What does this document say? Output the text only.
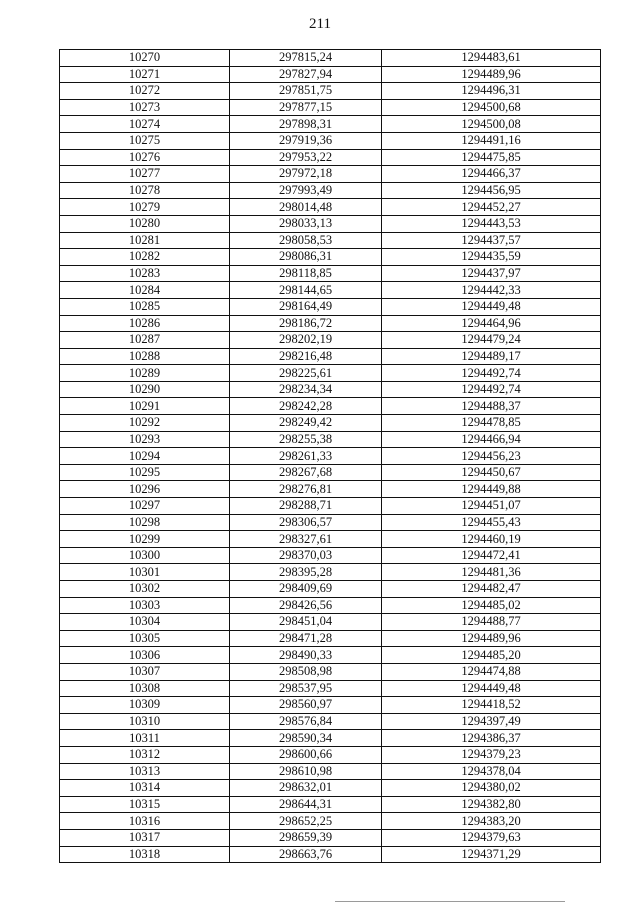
211
10270	297815,24	1294483,61
10271	297827,94	1294489,96
10272	297851,75	1294496,31
10273	297877,15	1294500,68
10274	297898,31	1294500,08
10275	297919,36	1294491,16
10276	297953,22	1294475,85
10277	297972,18	1294466,37
10278	297993,49	1294456,95
10279	298014,48	1294452,27
10280	298033,13	1294443,53
10281	298058,53	1294437,57
10282	298086,31	1294435,59
10283	298118,85	1294437,97
10284	298144,65	1294442,33
10285	298164,49	1294449,48
10286	298186,72	1294464,96
10287	298202,19	1294479,24
10288	298216,48	1294489,17
10289	298225,61	1294492,74
10290	298234,34	1294492,74
10291	298242,28	1294488,37
10292	298249,42	1294478,85
10293	298255,38	1294466,94
10294	298261,33	1294456,23
10295	298267,68	1294450,67
10296	298276,81	1294449,88
10297	298288,71	1294451,07
10298	298306,57	1294455,43
10299	298327,61	1294460,19
10300	298370,03	1294472,41
10301	298395,28	1294481,36
10302	298409,69	1294482,47
10303	298426,56	1294485,02
10304	298451,04	1294488,77
10305	298471,28	1294489,96
10306	298490,33	1294485,20
10307	298508,98	1294474,88
10308	298537,95	1294449,48
10309	298560,97	1294418,52
10310	298576,84	1294397,49
10311	298590,34	1294386,37
10312	298600,66	1294379,23
10313	298610,98	1294378,04
10314	298632,01	1294380,02
10315	298644,31	1294382,80
10316	298652,25	1294383,20
10317	298659,39	1294379,63
10318	298663,76	1294371,29
